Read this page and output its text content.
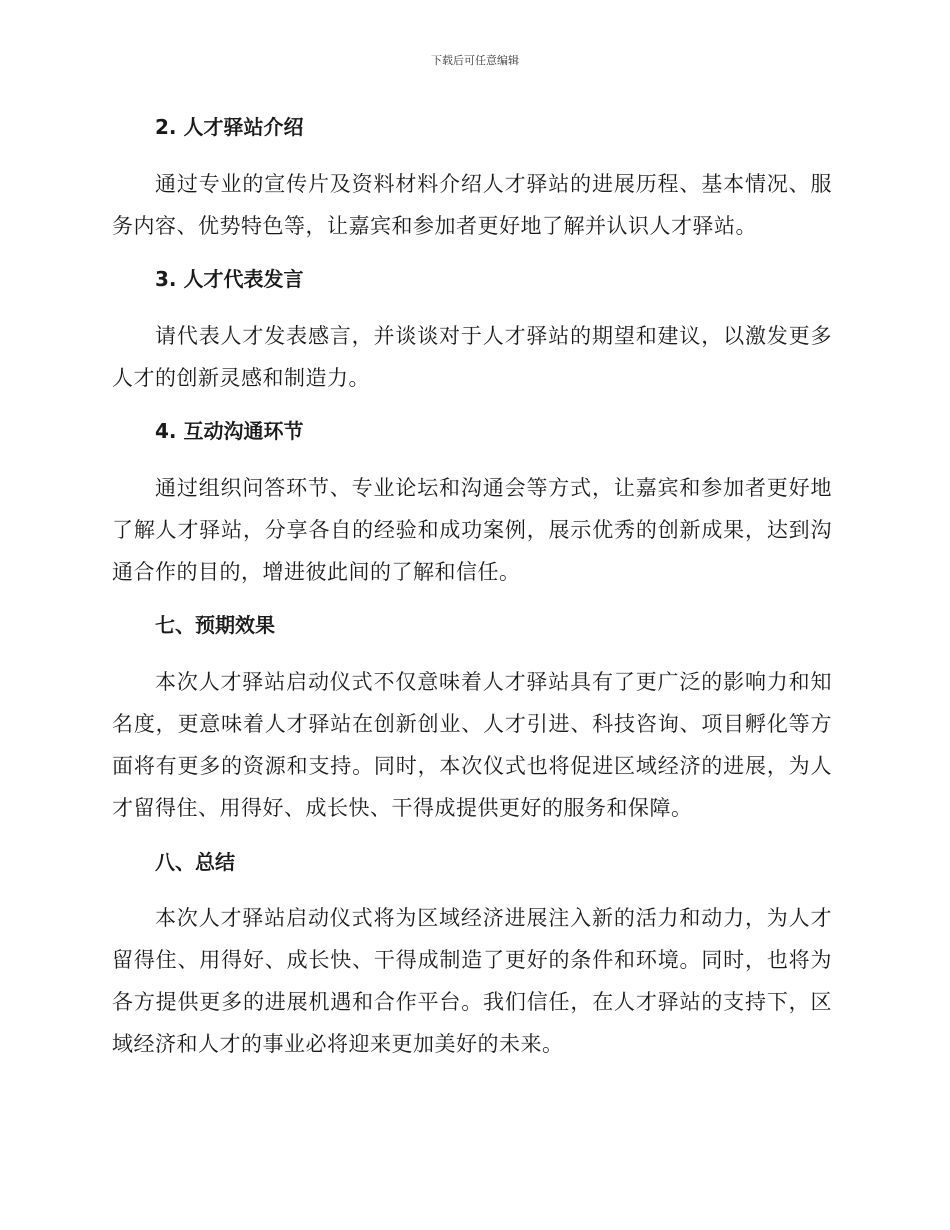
下载后可任意编辑
2. 人才驿站介绍

通过专业的宣传片及资料材料介绍人才驿站的进展历程、基本情况、服务内容、优势特色等，让嘉宾和参加者更好地了解并认识人才驿站。

3. 人才代表发言

请代表人才发表感言，并谈谈对于人才驿站的期望和建议，以激发更多人才的创新灵感和制造力。

4. 互动沟通环节

通过组织问答环节、专业论坛和沟通会等方式，让嘉宾和参加者更好地了解人才驿站，分享各自的经验和成功案例，展示优秀的创新成果，达到沟通合作的目的，增进彼此间的了解和信任。

七、预期效果

本次人才驿站启动仪式不仅意味着人才驿站具有了更广泛的影响力和知名度，更意味着人才驿站在创新创业、人才引进、科技咨询、项目孵化等方面将有更多的资源和支持。同时，本次仪式也将促进区域经济的进展，为人才留得住、用得好、成长快、干得成提供更好的服务和保障。

八、总结

本次人才驿站启动仪式将为区域经济进展注入新的活力和动力，为人才留得住、用得好、成长快、干得成制造了更好的条件和环境。同时，也将为各方提供更多的进展机遇和合作平台。我们信任，在人才驿站的支持下，区域经济和人才的事业必将迎来更加美好的未来。
